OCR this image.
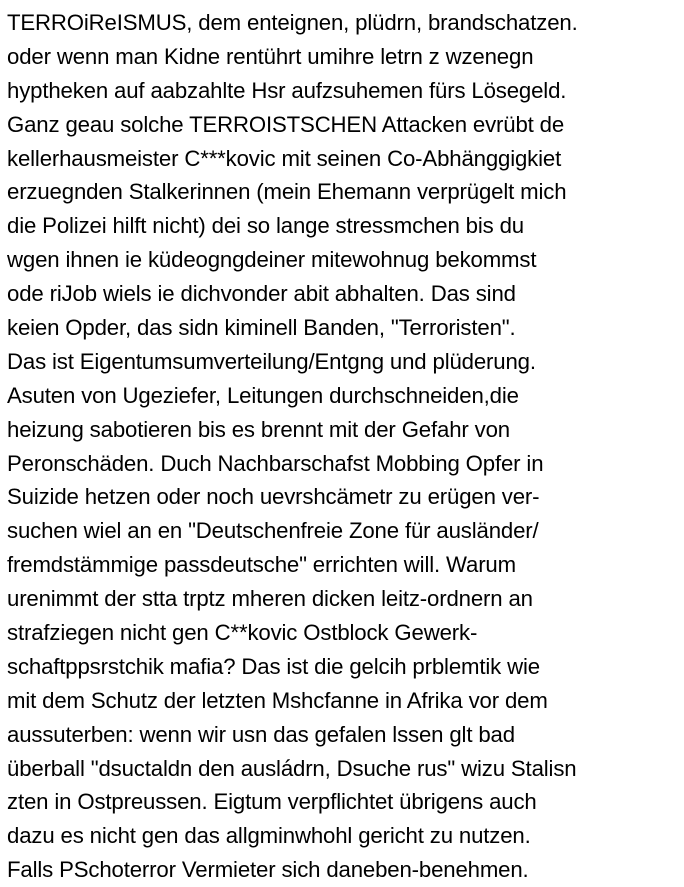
TERROiReISMUS, dem enteignen, plüdrn, brandschatzen.
oder wenn man Kidne rentührt umihre letrn z wzenegn
hyptheken auf aabzahlte Hsr aufzsuhemen fürs Lösegeld.
Ganz geau solche TERROISTSCHEN Attacken evrübt de
kellerhausmeister C***kovic mit seinen Co-Abhänggigkiet
erzuegnden Stalkerinnen (mein Ehemann verprügelt mich
die Polizei hilft nicht) dei so lange stressmchen bis du
wgen ihnen ie küdeogngdeiner mitewohnug bekommst
ode riJob wiels ie dichvonder abit abhalten. Das sind
keien Opder, das sidn kiminell Banden, "Terroristen".
Das ist Eigentumsumverteilung/Entgng und plüderung.
Asuten von Ugeziefer, Leitungen durchschneiden,die
heizung sabotieren bis es brennt mit der Gefahr von
Peronschäden. Duch Nachbarschafst Mobbing Opfer in
Suizide hetzen oder noch uevrshcämetr zu erügen ver-
suchen wiel an en "Deutschenfreie Zone für ausländer/
fremdstämmige passdeutsche" errichten will. Warum
urenimmt der stta trptz mheren dicken leitz-ordnern an
strafziegen nicht gen C**kovic Ostblock Gewerk-
schaftppsrstchik mafia? Das ist die gelcih prblemtik wie
mit dem Schutz der letzten Mshcfanne in Afrika vor dem
aussuterben: wenn wir usn das gefalen lssen glt bad
überball "dsuctaldn den ausládrn, Dsuche rus" wizu Stalisn
zten in Ostpreussen. Eigtum verpflichtet übrigens auch
dazu es nicht gen das allgminwhohl gericht zu nutzen.
Falls PSchoterror Vermieter sich daneben-benehmen.
